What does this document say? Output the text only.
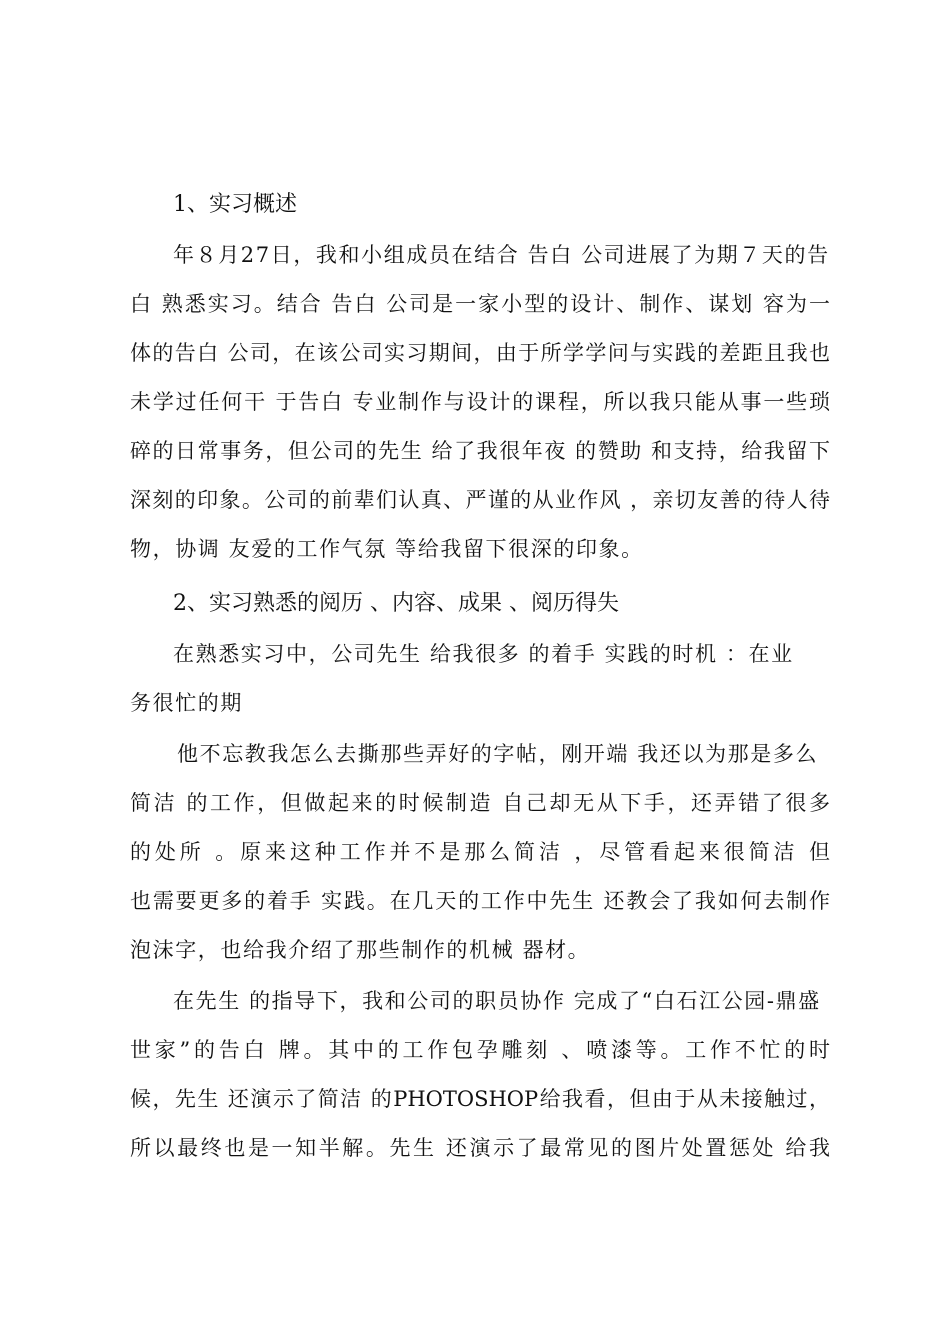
1、实习概述
年８月27日，我和小组成员在结合 告白 公司进展了为期７天的告
白 熟悉实习。结合 告白 公司是一家小型的设计、制作、谋划 容为一
体的告白 公司，在该公司实习期间，由于所学学问与实践的差距且我也
未学过任何干 于告白 专业制作与设计的课程，所以我只能从事一些琐
碎的日常事务，但公司的先生 给了我很年夜 的赞助 和支持，给我留下
深刻的印象。公司的前辈们认真、严谨的从业作风 ，亲切友善的待人待
物，协调 友爱的工作气氛 等给我留下很深的印象。
2、实习熟悉的阅历 、内容、成果 、阅历得失
在熟悉实习中，公司先生 给我很多 的着手 实践的时机 ：在业
务很忙的期
他不忘教我怎么去撕那些弄好的字帖，刚开端 我还以为那是多么
简洁 的工作，但做起来的时候制造 自己却无从下手，还弄错了很多
的处所 。原来这种工作并不是那么简洁 ，尽管看起来很简洁 但
也需要更多的着手 实践。在几天的工作中先生 还教会了我如何去制作
泡沫字，也给我介绍了那些制作的机械 器材。
在先生 的指导下，我和公司的职员协作 完成了“白石江公园-鼎盛
世家”的告白 牌。其中的工作包孕雕刻 、喷漆等。工作不忙的时
候，先生 还演示了简洁 的PHOTOSHOP给我看，但由于从未接触过，
所以最终也是一知半解。先生 还演示了最常见的图片处置惩处 给我
